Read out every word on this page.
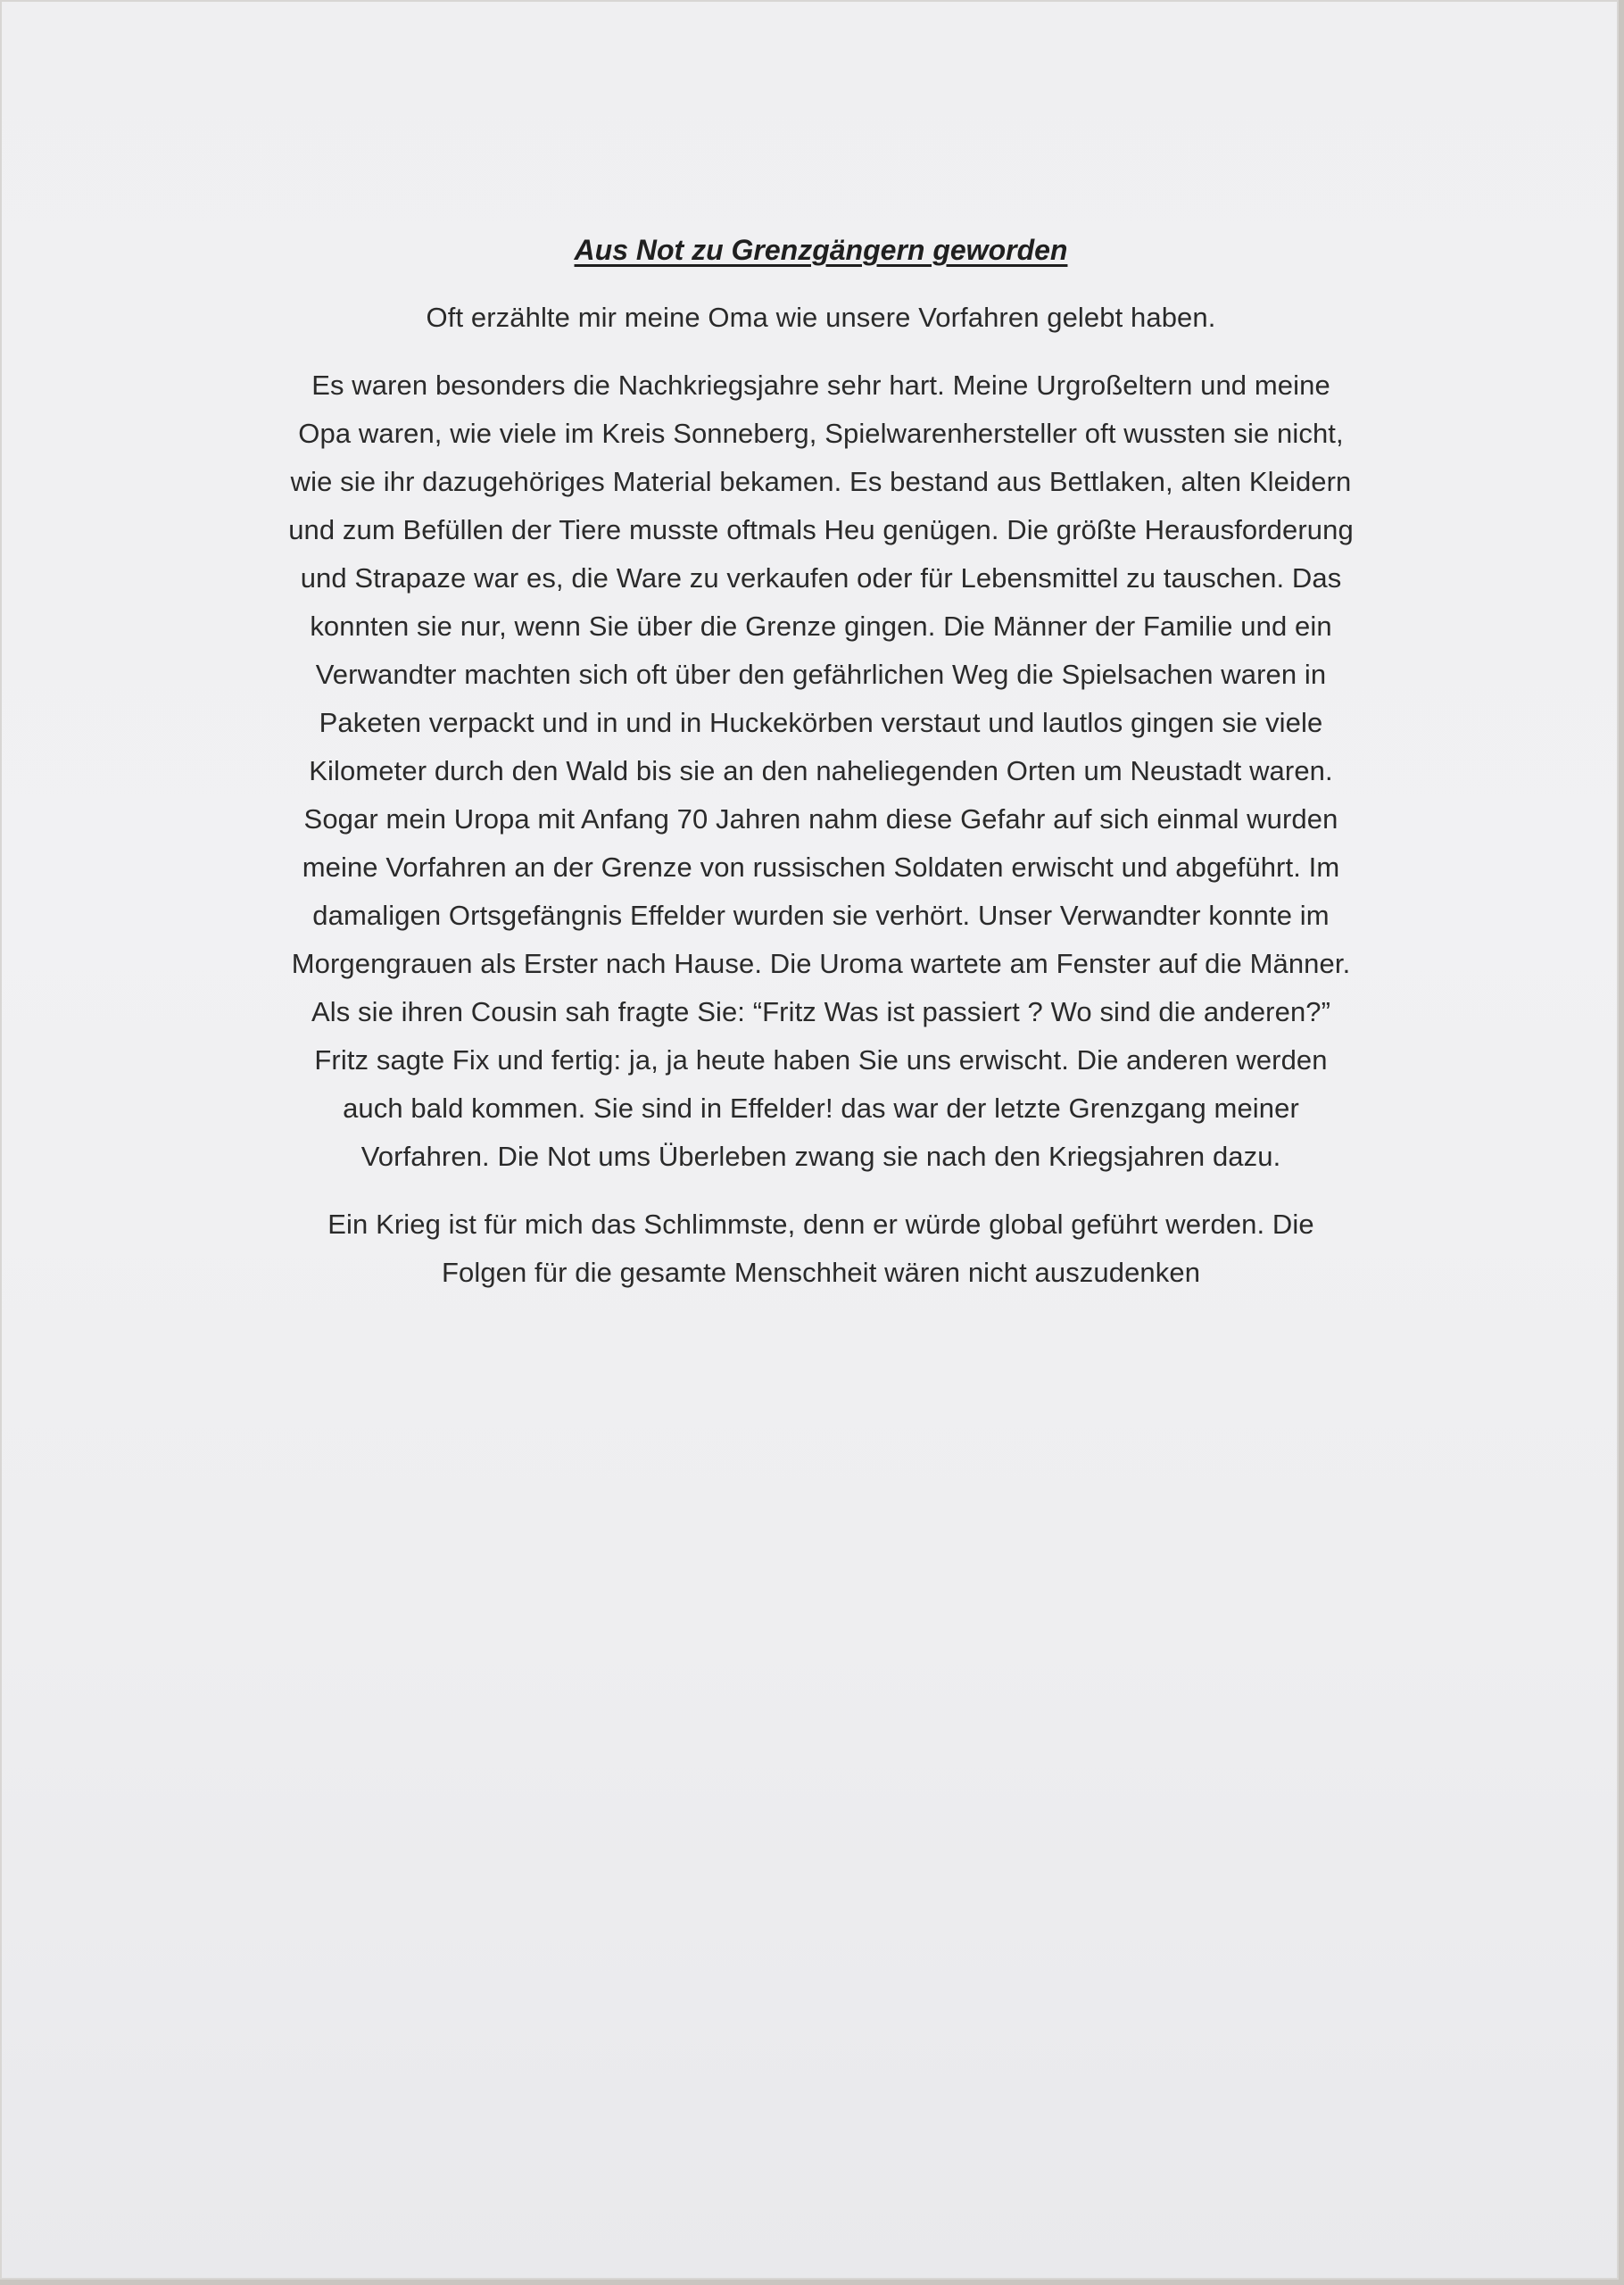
Aus Not zu Grenzgängern geworden

Oft erzählte mir meine Oma wie unsere Vorfahren gelebt haben.

Es waren besonders die Nachkriegsjahre sehr hart. Meine Urgroßeltern und meine Opa waren, wie viele im Kreis Sonneberg, Spielwarenhersteller oft wussten sie nicht, wie sie ihr dazugehöriges Material bekamen. Es bestand aus Bettlaken, alten Kleidern und zum Befüllen der Tiere musste oftmals Heu genügen. Die größte Herausforderung und Strapaze war es, die Ware zu verkaufen oder für Lebensmittel zu tauschen. Das konnten sie nur, wenn Sie über die Grenze gingen. Die Männer der Familie und ein Verwandter machten sich oft über den gefährlichen Weg die Spielsachen waren in Paketen verpackt und in und in Huckekörben verstaut und lautlos gingen sie viele Kilometer durch den Wald bis sie an den naheliegenden Orten um Neustadt waren. Sogar mein Uropa mit Anfang 70 Jahren nahm diese Gefahr auf sich einmal wurden meine Vorfahren an der Grenze von russischen Soldaten erwischt und abgeführt. Im damaligen Ortsgefängnis Effelder wurden sie verhört. Unser Verwandter konnte im Morgengrauen als Erster nach Hause. Die Uroma wartete am Fenster auf die Männer. Als sie ihren Cousin sah fragte Sie: “Fritz Was ist passiert ? Wo sind die anderen?” Fritz sagte Fix und fertig: ja, ja heute haben Sie uns erwischt. Die anderen werden auch bald kommen. Sie sind in Effelder! das war der letzte Grenzgang meiner Vorfahren. Die Not ums Überleben zwang sie nach den Kriegsjahren dazu.

Ein Krieg ist für mich das Schlimmste, denn er würde global geführt werden. Die Folgen für die gesamte Menschheit wären nicht auszudenken
